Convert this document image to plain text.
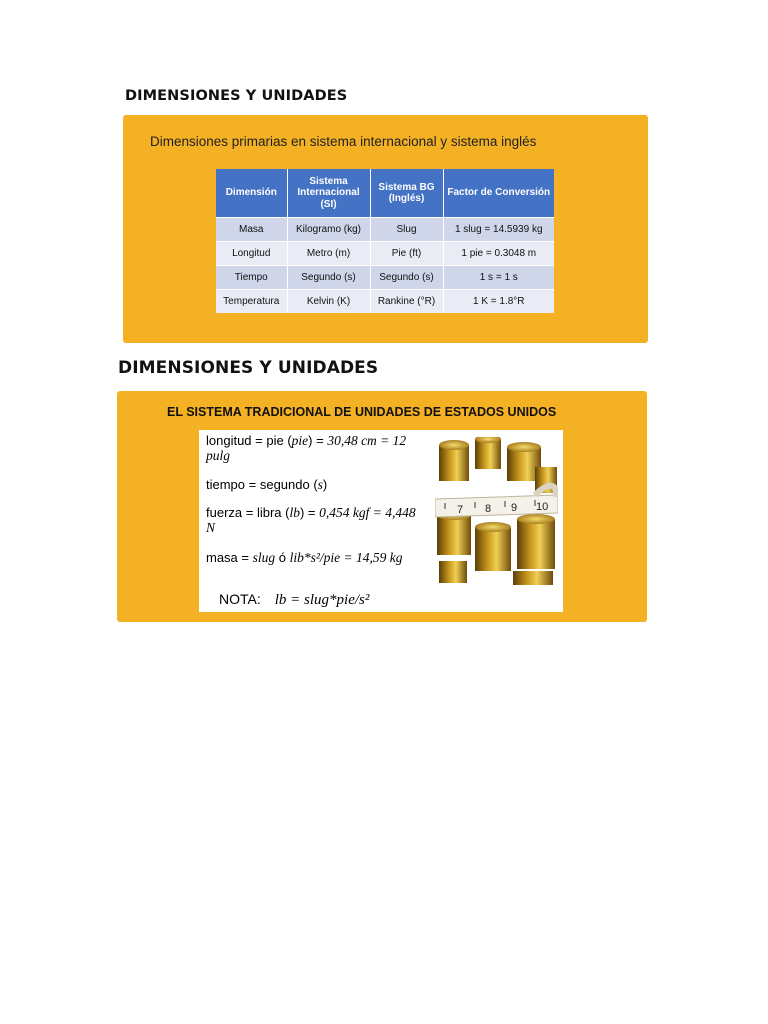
DIMENSIONES Y UNIDADES
Dimensiones primarias en sistema internacional y sistema inglés
Dimensión	Sistema Internacional (SI)	Sistema BG (Inglés)	Factor de Conversión
Masa	Kilogramo (kg)	Slug	1 slug = 14.5939 kg
Longitud	Metro (m)	Pie (ft)	1 pie = 0.3048 m
Tiempo	Segundo (s)	Segundo (s)	1 s = 1 s
Temperatura	Kelvin (K)	Rankine (°R)	1 K = 1.8°R
DIMENSIONES Y UNIDADES
EL SISTEMA TRADICIONAL DE UNIDADES DE ESTADOS UNIDOS
longitud = pie (pie) = 30,48 cm = 12 pulg
tiempo = segundo (s)
fuerza = libra (lb) = 0,454 kgf = 4,448 N
masa = slug ó lib*s²/pie = 14,59 kg
NOTA: lb = slug*pie/s²
7 8 9 10
